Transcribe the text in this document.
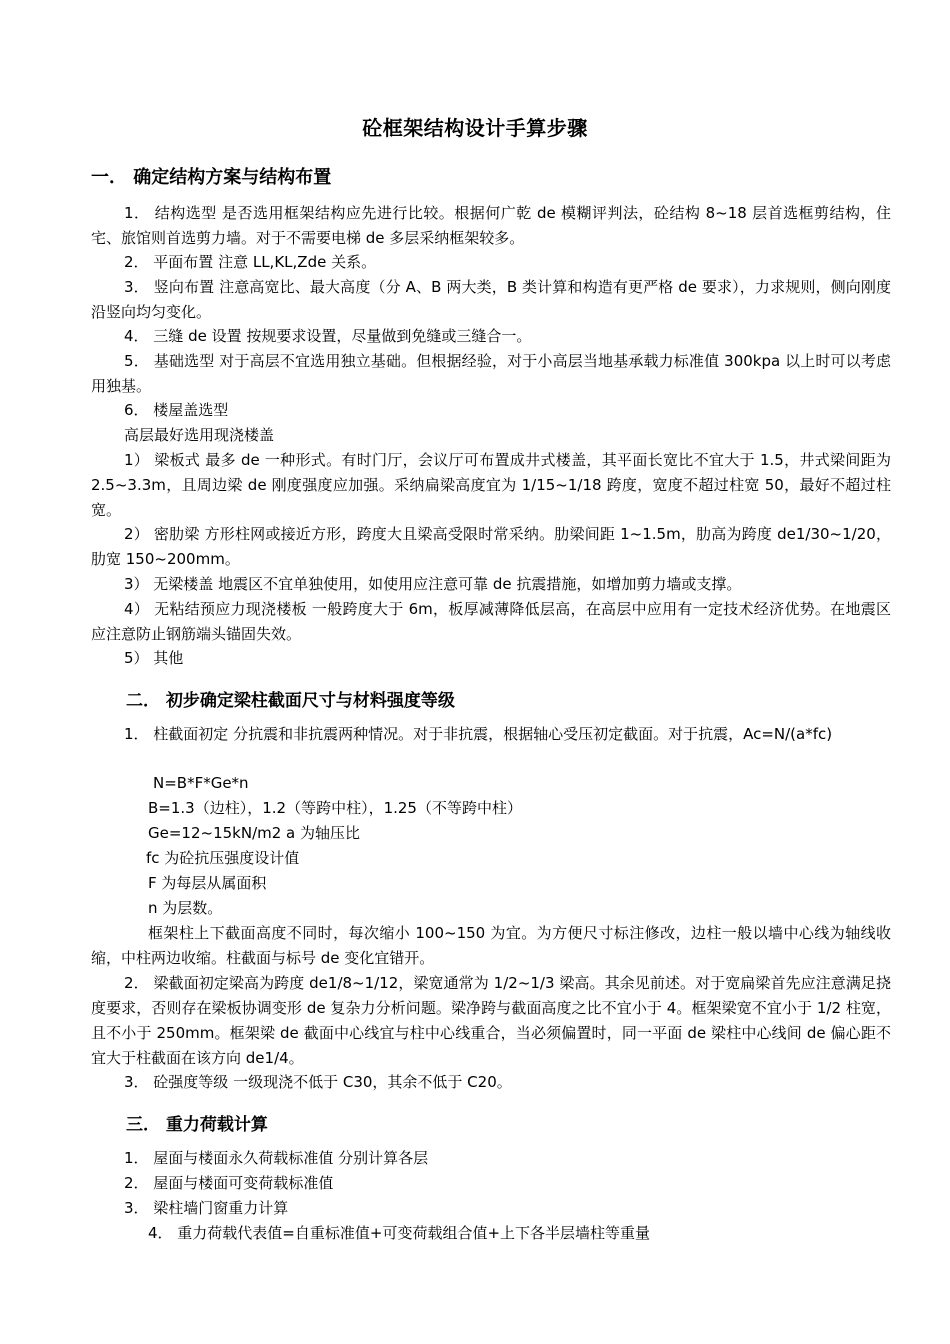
砼框架结构设计手算步骤
一． 确定结构方案与结构布置
1． 结构选型 是否选用框架结构应先进行比较。根据何广乾 de 模糊评判法，砼结构 8~18 层首选框剪结构，住宅、旅馆则首选剪力墙。对于不需要电梯 de 多层采纳框架较多。
2． 平面布置 注意 LL,KL,Zde 关系。
3． 竖向布置 注意高宽比、最大高度（分 A、B 两大类，B 类计算和构造有更严格 de 要求），力求规则，侧向刚度沿竖向均匀变化。
4． 三缝 de 设置 按规要求设置，尽量做到免缝或三缝合一。
5． 基础选型 对于高层不宜选用独立基础。但根据经验，对于小高层当地基承载力标准值 300kpa 以上时可以考虑用独基。
6． 楼屋盖选型
高层最好选用现浇楼盖
1） 梁板式 最多 de 一种形式。有时门厅，会议厅可布置成井式楼盖，其平面长宽比不宜大于 1.5，井式梁间距为 2.5~3.3m，且周边梁 de 刚度强度应加强。采纳扁梁高度宜为 1/15~1/18 跨度，宽度不超过柱宽 50，最好不超过柱宽。
2） 密肋梁 方形柱网或接近方形，跨度大且梁高受限时常采纳。肋梁间距 1~1.5m，肋高为跨度 de1/30~1/20，肋宽 150~200mm。
3） 无梁楼盖 地震区不宜单独使用，如使用应注意可靠 de 抗震措施，如增加剪力墙或支撑。
4） 无粘结预应力现浇楼板 一般跨度大于 6m，板厚减薄降低层高，在高层中应用有一定技术经济优势。在地震区应注意防止钢筋端头锚固失效。
5） 其他
二． 初步确定梁柱截面尺寸与材料强度等级
1． 柱截面初定 分抗震和非抗震两种情况。对于非抗震，根据轴心受压初定截面。对于抗震，Ac=N/(a*fc)
N=B*F*Ge*n
B=1.3（边柱），1.2（等跨中柱），1.25（不等跨中柱）
Ge=12~15kN/m2 a 为轴压比
fc 为砼抗压强度设计值
F 为每层从属面积
n 为层数。
框架柱上下截面高度不同时，每次缩小 100~150 为宜。为方便尺寸标注修改，边柱一般以墙中心线为轴线收缩，中柱两边收缩。柱截面与标号 de 变化宜错开。
2． 梁截面初定梁高为跨度 de1/8~1/12，梁宽通常为 1/2~1/3 梁高。其余见前述。对于宽扁梁首先应注意满足挠度要求，否则存在梁板协调变形 de 复杂力分析问题。梁净跨与截面高度之比不宜小于 4。框架梁宽不宜小于 1/2 柱宽，且不小于 250mm。框架梁 de 截面中心线宜与柱中心线重合，当必须偏置时，同一平面 de 梁柱中心线间 de 偏心距不宜大于柱截面在该方向 de1/4。
3． 砼强度等级 一级现浇不低于 C30，其余不低于 C20。
三． 重力荷载计算
1． 屋面与楼面永久荷载标准值 分别计算各层
2． 屋面与楼面可变荷载标准值
3． 梁柱墙门窗重力计算
4． 重力荷载代表值=自重标准值+可变荷载组合值+上下各半层墙柱等重量
